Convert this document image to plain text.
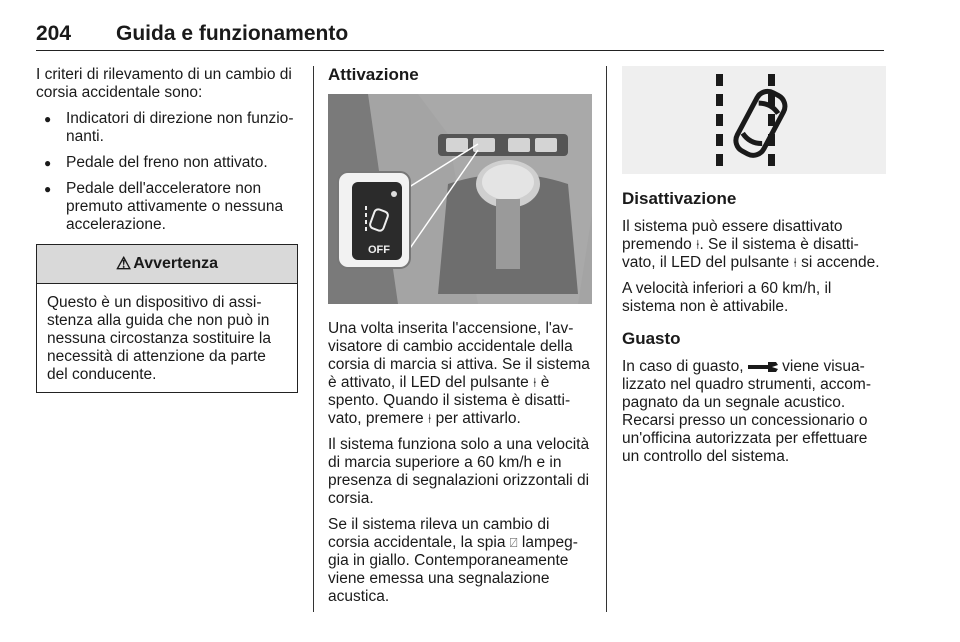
204 Guida e funzionamento

I criteri di rilevamento di un cambio di corsia accidentale sono:

● Indicatori di direzione non funzionanti.
● Pedale del freno non attivato.
● Pedale dell'acceleratore non premuto attivamente o nessuna accelerazione.
⚠ Avvertenza
Questo è un dispositivo di assistenza alla guida che non può in nessuna circostanza sostituire la necessità di attenzione da parte del conducente.
Attivazione
OFF

Una volta inserita l'accensione, l'avvisatore di cambio accidentale della corsia di marcia si attiva. Se il sistema è attivato, il LED del pulsante ⍿ è spento. Quando il sistema è disattivato, premere ⍿ per attivarlo.

Il sistema funziona solo a una velocità di marcia superiore a 60 km/h e in presenza di segnalazioni orizzontali di corsia.

Se il sistema rileva un cambio di corsia accidentale, la spia ⍁ lampeggia in giallo. Contemporaneamente viene emessa una segnalazione acustica.

Disattivazione

Il sistema può essere disattivato premendo ⍿. Se il sistema è disattivato, il LED del pulsante ⍿ si accende.

A velocità inferiori a 60 km/h, il sistema non è attivabile.

Guasto

In caso di guasto,  viene visualizzato nel quadro strumenti, accompagnato da un segnale acustico. Recarsi presso un concessionario o un'officina autorizzata per effettuare un controllo del sistema.
